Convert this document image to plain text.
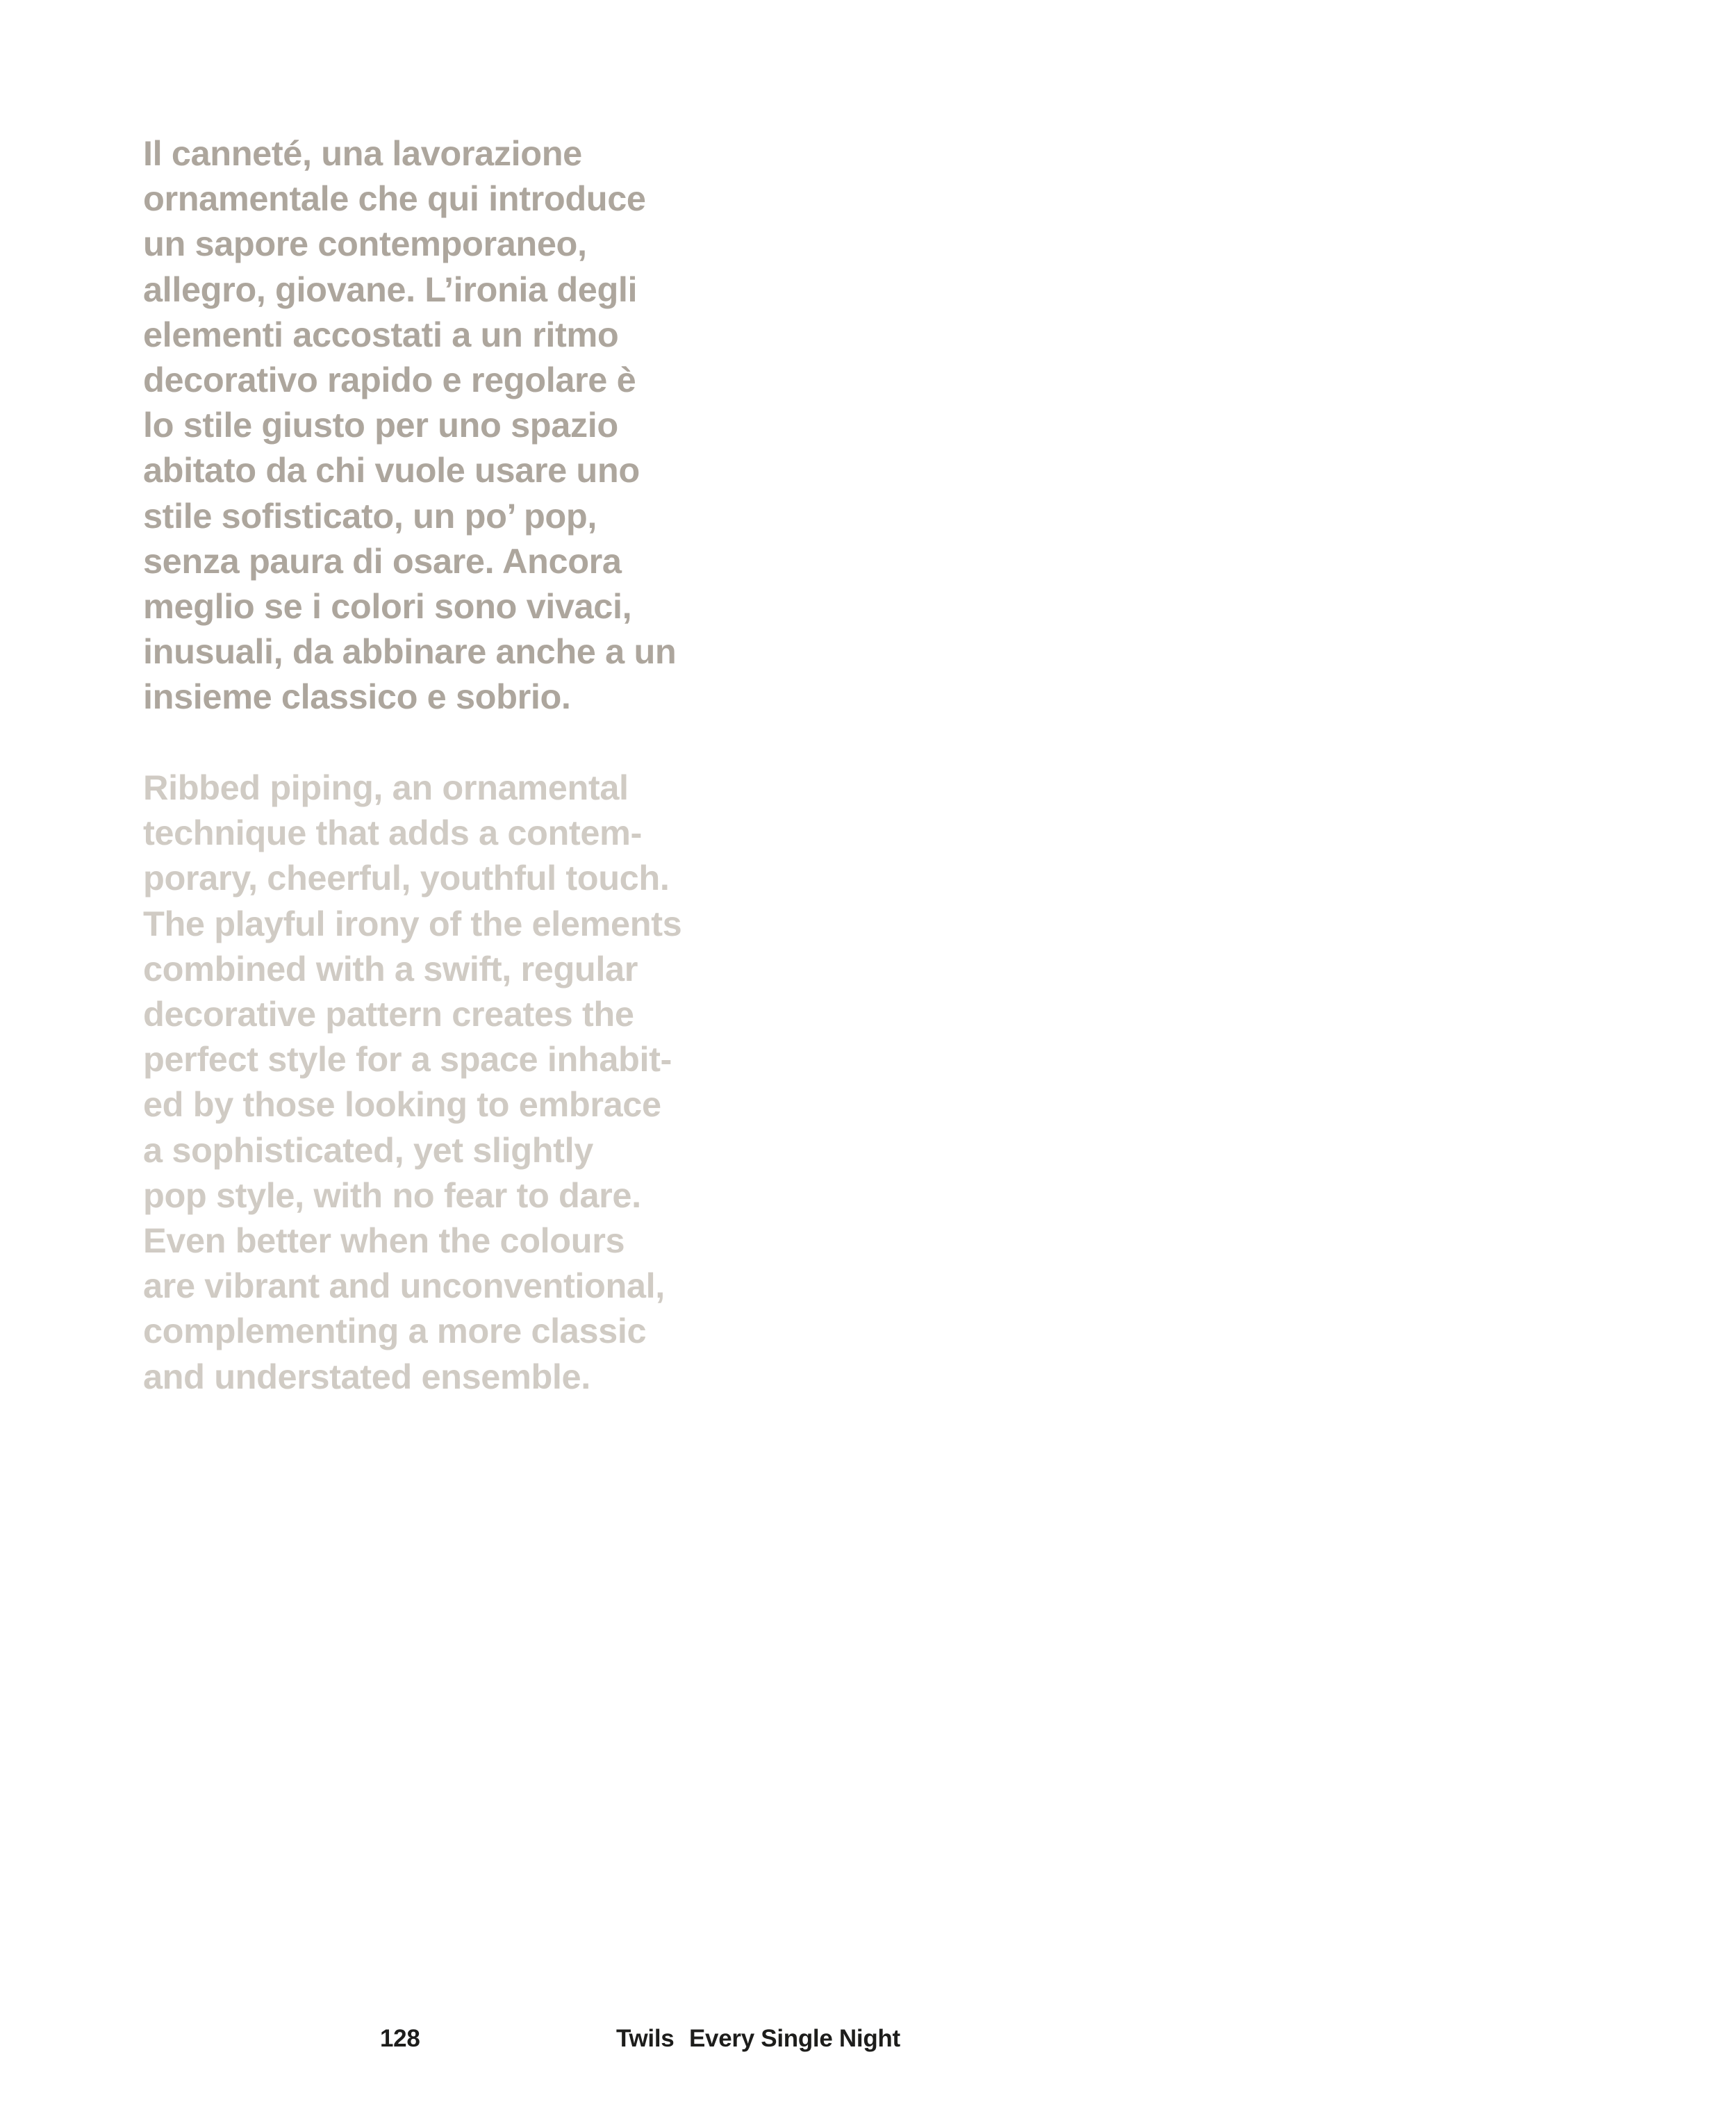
Il canneté, una lavorazione
ornamentale che qui introduce
un sapore contemporaneo,
allegro, giovane. L’ironia degli
elementi accostati a un ritmo
decorativo rapido e regolare è
lo stile giusto per uno spazio
abitato da chi vuole usare uno
stile sofisticato, un po’ pop,
senza paura di osare. Ancora
meglio se i colori sono vivaci,
inusuali, da abbinare anche a un
insieme classico e sobrio.
Ribbed piping, an ornamental
technique that adds a contem-
porary, cheerful, youthful touch.
The playful irony of the elements
combined with a swift, regular
decorative pattern creates the
perfect style for a space inhabit-
ed by those looking to embrace
a sophisticated, yet slightly
pop style, with no fear to dare.
Even better when the colours
are vibrant and unconventional,
complementing a more classic
and understated ensemble.
128	Twils Every Single Night
